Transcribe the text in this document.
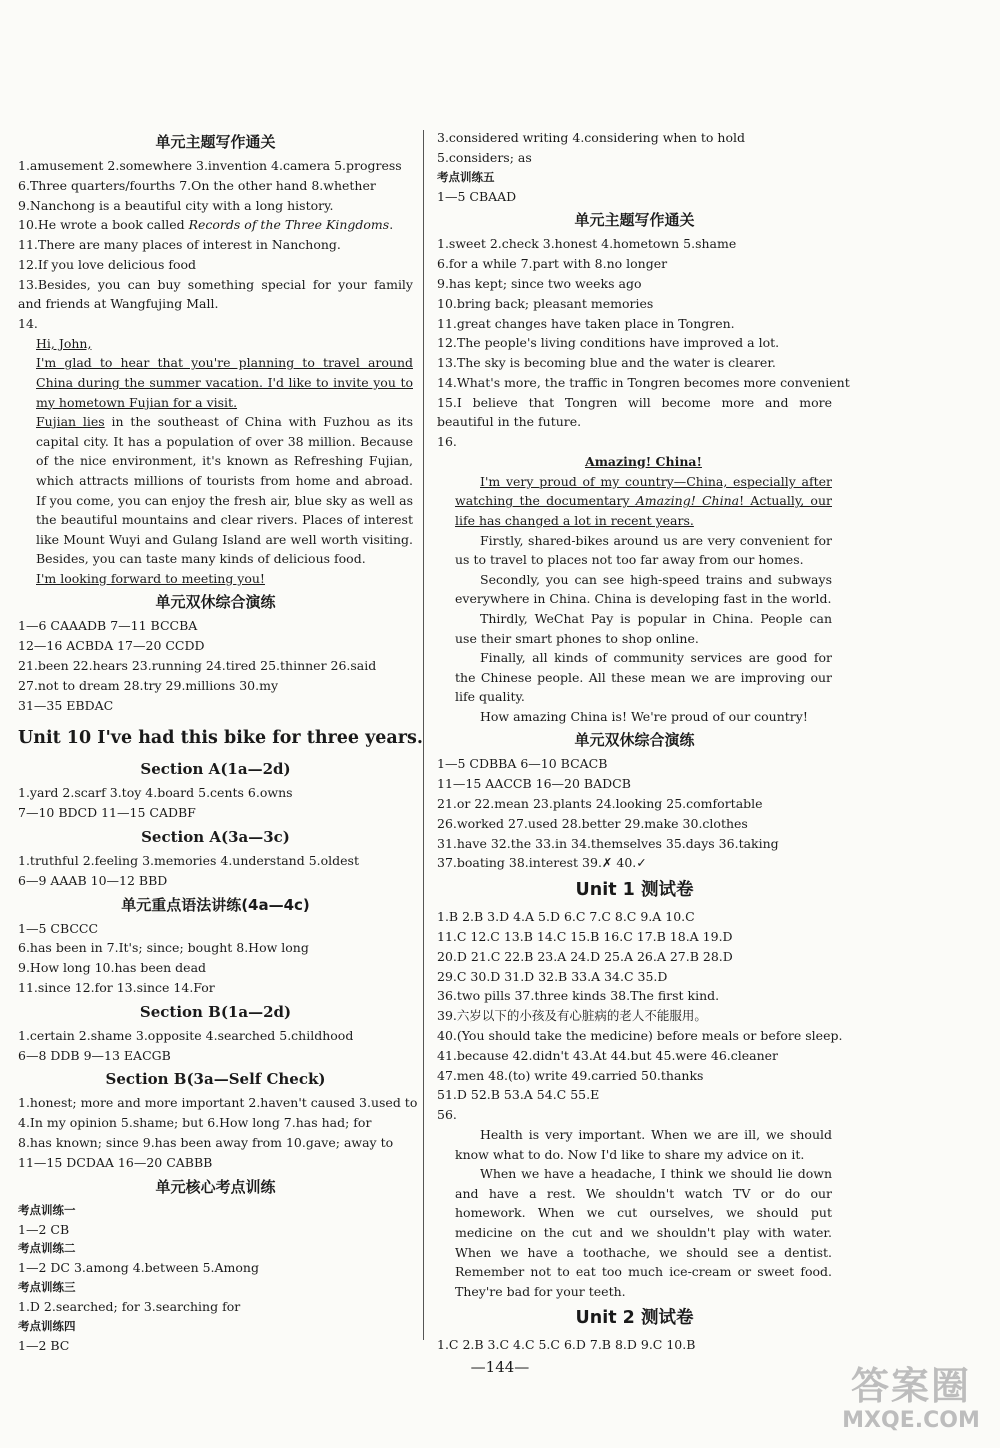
单元主题写作通关
1.amusement 2.somewhere 3.invention 4.camera 5.progress
6.Three quarters/fourths 7.On the other hand 8.whether
9.Nanchong is a beautiful city with a long history.
10.He wrote a book called Records of the Three Kingdoms.
11.There are many places of interest in Nanchong.
12.If you love delicious food
13.Besides, you can buy something special for your family and friends at Wangfujing Mall.
14.
Hi, John,
I'm glad to hear that you're planning to travel around China during the summer vacation. I'd like to invite you to my hometown Fujian for a visit.
Fujian lies in the southeast of China with Fuzhou as its capital city. It has a population of over 38 million. Because of the nice environment, it's known as Refreshing Fujian, which attracts millions of tourists from home and abroad. If you come, you can enjoy the fresh air, blue sky as well as the beautiful mountains and clear rivers. Places of interest like Mount Wuyi and Gulang Island are well worth visiting. Besides, you can taste many kinds of delicious food.
I'm looking forward to meeting you!
单元双休综合演练
1—6 CAAADB 7—11 BCCBA
12—16 ACBDA 17—20 CCDD
21.been 22.hears 23.running 24.tired 25.thinner 26.said
27.not to dream 28.try 29.millions 30.my
31—35 EBDAC
Unit 10 I've had this bike for three years.
Section A(1a—2d)
1.yard 2.scarf 3.toy 4.board 5.cents 6.owns
7—10 BDCD 11—15 CADBF
Section A(3a—3c)
1.truthful 2.feeling 3.memories 4.understand 5.oldest
6—9 AAAB 10—12 BBD
单元重点语法讲练(4a—4c)
1—5 CBCCC
6.has been in 7.It's; since; bought 8.How long
9.How long 10.has been dead
11.since 12.for 13.since 14.For
Section B(1a—2d)
1.certain 2.shame 3.opposite 4.searched 5.childhood
6—8 DDB 9—13 EACGB
Section B(3a—Self Check)
1.honest; more and more important 2.haven't caused 3.used to
4.In my opinion 5.shame; but 6.How long 7.has had; for
8.has known; since 9.has been away from 10.gave; away to
11—15 DCDAA 16—20 CABBB
单元核心考点训练
考点训练一
1—2 CB
考点训练二
1—2 DC 3.among 4.between 5.Among
考点训练三
1.D 2.searched; for 3.searching for
考点训练四
1—2 BC
3.considered writing 4.considering when to hold
5.considers; as
考点训练五
1—5 CBAAD
单元主题写作通关
1.sweet 2.check 3.honest 4.hometown 5.shame
6.for a while 7.part with 8.no longer
9.has kept; since two weeks ago
10.bring back; pleasant memories
11.great changes have taken place in Tongren.
12.The people's living conditions have improved a lot.
13.The sky is becoming blue and the water is clearer.
14.What's more, the traffic in Tongren becomes more convenient
15.I believe that Tongren will become more and more beautiful in the future.
16.
Amazing! China!
I'm very proud of my country—China, especially after watching the documentary Amazing! China! Actually, our life has changed a lot in recent years.
Firstly, shared-bikes around us are very convenient for us to travel to places not too far away from our homes.
Secondly, you can see high-speed trains and subways everywhere in China. China is developing fast in the world.
Thirdly, WeChat Pay is popular in China. People can use their smart phones to shop online.
Finally, all kinds of community services are good for the Chinese people. All these mean we are improving our life quality.
How amazing China is! We're proud of our country!
单元双休综合演练
1—5 CDBBA 6—10 BCACB
11—15 AACCB 16—20 BADCB
21.or 22.mean 23.plants 24.looking 25.comfortable
26.worked 27.used 28.better 29.make 30.clothes
31.have 32.the 33.in 34.themselves 35.days 36.taking
37.boating 38.interest 39.✗ 40.✓
Unit 1 测试卷
1.B 2.B 3.D 4.A 5.D 6.C 7.C 8.C 9.A 10.C
11.C 12.C 13.B 14.C 15.B 16.C 17.B 18.A 19.D
20.D 21.C 22.B 23.A 24.D 25.A 26.A 27.B 28.D
29.C 30.D 31.D 32.B 33.A 34.C 35.D
36.two pills 37.three kinds 38.The first kind.
39.六岁以下的小孩及有心脏病的老人不能服用。
40.(You should take the medicine) before meals or before sleep.
41.because 42.didn't 43.At 44.but 45.were 46.cleaner
47.men 48.(to) write 49.carried 50.thanks
51.D 52.B 53.A 54.C 55.E
56.
Health is very important. When we are ill, we should know what to do. Now I'd like to share my advice on it.
When we have a headache, I think we should lie down and have a rest. We shouldn't watch TV or do our homework. When we cut ourselves, we should put medicine on the cut and we shouldn't play with water. When we have a toothache, we should see a dentist. Remember not to eat too much ice-cream or sweet food. They're bad for your teeth.
Unit 2 测试卷
1.C 2.B 3.C 4.C 5.C 6.D 7.B 8.D 9.C 10.B
—144—	答案圈
MXQE.COM
